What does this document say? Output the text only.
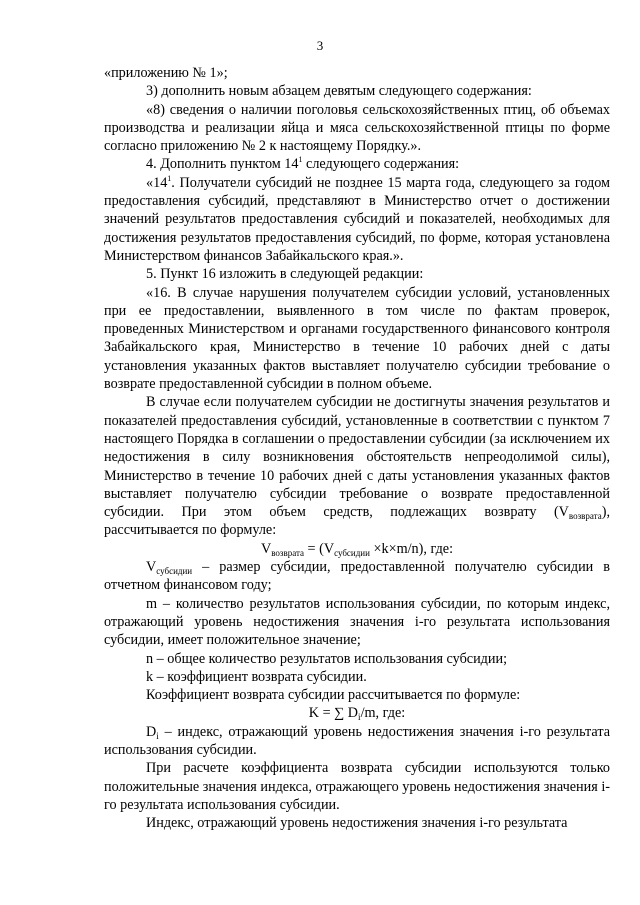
3

«приложению № 1»;

3) дополнить новым абзацем девятым следующего содержания:

«8) сведения о наличии поголовья сельскохозяйственных птиц, об объемах производства и реализации яйца и мяса сельскохозяйственной птицы по форме согласно приложению № 2 к настоящему Порядку.».

4. Дополнить пунктом $14^1$ следующего содержания:

«$14^1$. Получатели субсидий не позднее 15 марта года, следующего за годом предоставления субсидий, представляют в Министерство отчет о достижении значений результатов предоставления субсидий и показателей, необходимых для достижения результатов предоставления субсидий, по форме, которая установлена Министерством финансов Забайкальского края.».

5. Пункт 16 изложить в следующей редакции:

«16. В случае нарушения получателем субсидии условий, установленных при ее предоставлении, выявленного в том числе по фактам проверок, проведенных Министерством и органами государственного финансового контроля Забайкальского края, Министерство в течение 10 рабочих дней с даты установления указанных фактов выставляет получателю субсидии требование о возврате предоставленной субсидии в полном объеме.

В случае если получателем субсидии не достигнуты значения результатов и показателей предоставления субсидий, установленные в соответствии с пунктом 7 настоящего Порядка в соглашении о предоставлении субсидии (за исключением их недостижения в силу возникновения обстоятельств непреодолимой силы), Министерство в течение 10 рабочих дней с даты установления указанных фактов выставляет получателю субсидии требование о возврате предоставленной субсидии. При этом объем средств, подлежащих возврату $(V_{возврата})$, рассчитывается по формуле:

$V_{возврата} = (V_{субсидии} \times k\times m/n)$, где:

$V_{субсидии}$ – размер субсидии, предоставленной получателю субсидии в отчетном финансовом году;

m – количество результатов использования субсидии, по которым индекс, отражающий уровень недостижения значения i-го результата использования субсидии, имеет положительное значение;

n – общее количество результатов использования субсидии;

k – коэффициент возврата субсидии.

Коэффициент возврата субсидии рассчитывается по формуле:

K = ∑ $D_i/m$, где:

$D_i$ – индекс, отражающий уровень недостижения значения i-го результата использования субсидии.

При расчете коэффициента возврата субсидии используются только положительные значения индекса, отражающего уровень недостижения значения i-го результата использования субсидии.

Индекс, отражающий уровень недостижения значения i-го результата
